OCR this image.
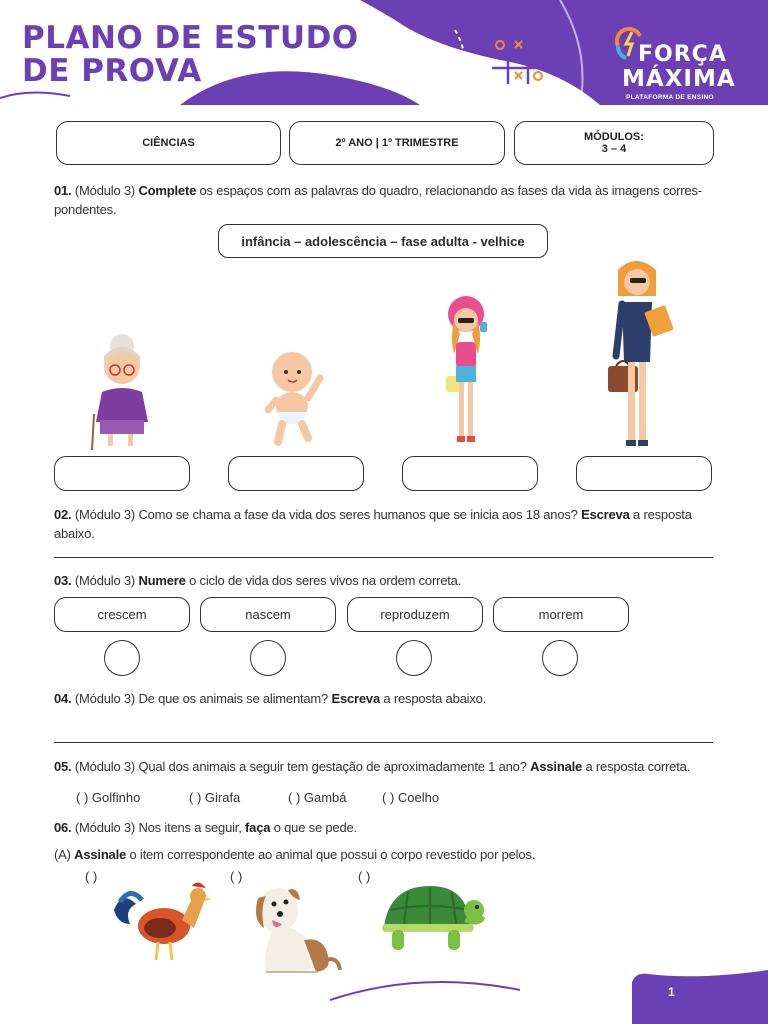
PLANO DE ESTUDO
DE PROVA	FORÇA
MÁXIMA
PLATAFORMA DE ENSINO
CIÊNCIAS	2º ANO | 1º TRIMESTRE	MÓDULOS:
3 – 4
01. (Módulo 3) Complete os espaços com as palavras do quadro, relacionando as fases da vida às imagens corres-
pondentes.
infância – adolescência – fase adulta - velhice
02. (Módulo 3) Como se chama a fase da vida dos seres humanos que se inicia aos 18 anos? Escreva a resposta abaixo.
03. (Módulo 3) Numere o ciclo de vida dos seres vivos na ordem correta.
crescem	nascem	reproduzem	morrem
04. (Módulo 3) De que os animais se alimentam? Escreva a resposta abaixo.
05. (Módulo 3) Qual dos animais a seguir tem gestação de aproximadamente 1 ano? Assinale a resposta correta.
( ) Golfinho	( ) Girafa	( ) Gambá	( ) Coelho
06. (Módulo 3) Nos itens a seguir, faça o que se pede.
(A) Assinale o item correspondente ao animal que possui o corpo revestido por pelos.
( )	( )	( )
1
